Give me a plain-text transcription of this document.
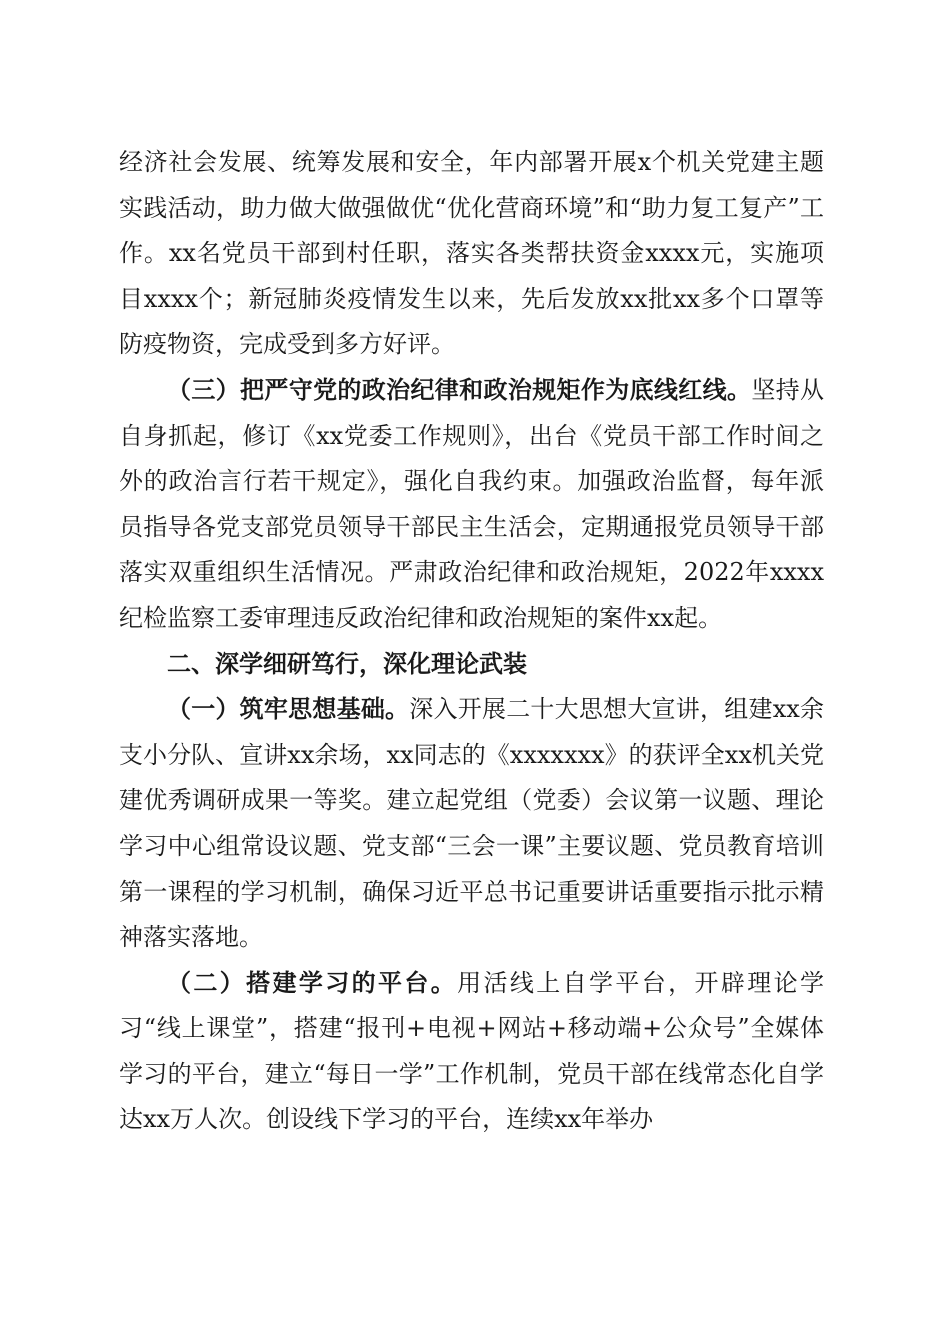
经济社会发展、统筹发展和安全，年内部署开展x个机关党建主题实践活动，助力做大做强做优“优化营商环境”和“助力复工复产”工作。xx名党员干部到村任职，落实各类帮扶资金xxxx元，实施项目xxxx个；新冠肺炎疫情发生以来，先后发放xx批xx多个口罩等防疫物资，完成受到多方好评。

（三）把严守党的政治纪律和政治规矩作为底线红线。坚持从自身抓起，修订《xx党委工作规则》，出台《党员干部工作时间之外的政治言行若干规定》，强化自我约束。加强政治监督，每年派员指导各党支部党员领导干部民主生活会，定期通报党员领导干部落实双重组织生活情况。严肃政治纪律和政治规矩，2022年xxxx纪检监察工委审理违反政治纪律和政治规矩的案件xx起。

二、深学细研笃行，深化理论武装

（一）筑牢思想基础。深入开展二十大思想大宣讲，组建xx余支小分队、宣讲xx余场，xx同志的《xxxxxxx》的获评全xx机关党建优秀调研成果一等奖。建立起党组（党委）会议第一议题、理论学习中心组常设议题、党支部“三会一课”主要议题、党员教育培训第一课程的学习机制，确保习近平总书记重要讲话重要指示批示精神落实落地。

（二）搭建学习的平台。用活线上自学平台，开辟理论学习“线上课堂”，搭建“报刊+电视+网站+移动端+公众号”全媒体学习的平台，建立“每日一学”工作机制，党员干部在线常态化自学达xx万人次。创设线下学习的平台，连续xx年举办
